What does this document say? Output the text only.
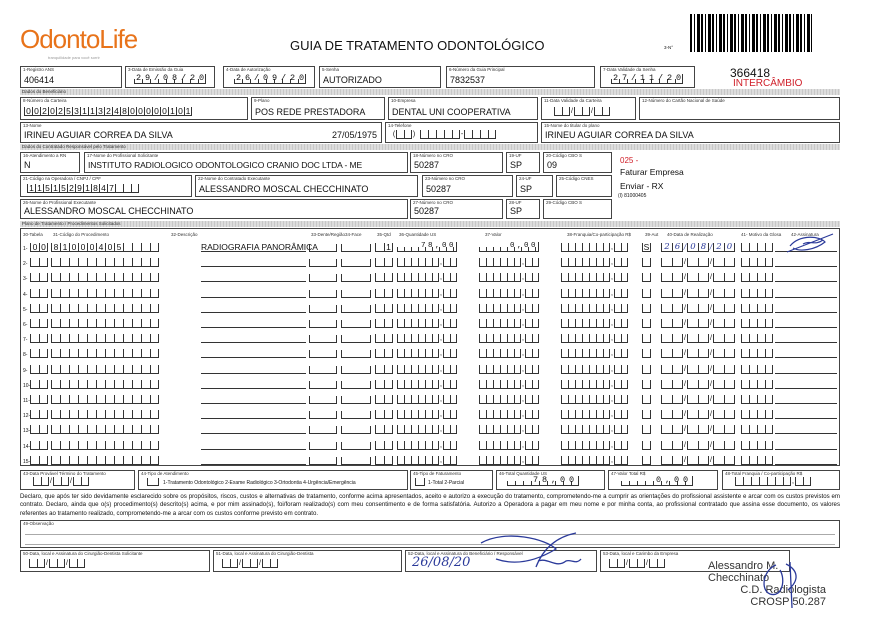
OdontoLife
tranquilidade para você sorrir
GUIA DE TRATAMENTO ODONTOLÓGICO	3-N°
366418
INTERCÂMBIO
1-Registro ANS
406414
3-Data de Emissão da Guia
29/08/20
4-Data de Autorização
26/09/20
5-Senha
AUTORIZADO
6-Número da Guia Principal
7832537
7-Data Validade da Senha
27/11/20
Dados do Beneficiário
8-Número da Carteira
0 0 2 0 2 5 3 1 1 3 2 4 8 0 0 0 0 0 1 0 1
9-Plano
POS REDE PRESTADORA
10-Empresa
DENTAL UNI COOPERATIVA
11-Data Validade da Carteira
/	/
12-Número do Cartão Nacional de Saúde
13-Nome
IRINEU AGUIAR CORREA DA SILVA	27/05/1975
14-Telefone
(	)	-
15-Nome do titular do plano
IRINEU AGUIAR CORREA DA SILVA
Dados do Contratado Responsável pelo Tratamento
16-Atendimento a RN
N
17-Nome do Profissional Solicitante
INSTITUTO RADIOLOGICO ODONTOLOGICO CRANIO DOC LTDA - ME
18-Número no CRO
50287
19-UF
SP
20-Código CBO S
09	025 -
Faturar Empresa
Enviar - RX
(I) 81000405
21-Código na Operadora / CNPJ / CPF
1 1 5 1 5 2 9 1 8 4 7
22-Nome do Contratado Executante
ALESSANDRO MOSCAL CHECCHINATO
23-Número no CRO
50287
24-UF
SP
25-Código CNES
26-Nome do Profissional Executante
ALESSANDRO MOSCAL CHECCHINATO
27-Número no CRO
50287
28-UF
SP
29-Código CBO S
Plano de Tratamento / Procedimentos Solicitados
30-Tabela 31-Código do Procedimento	32-Descrição	33-Dente/Região 34-Face	35-Qtd 36-Quantidade US	37-Valor	38-Franquia/Co-participação R$	39-Aut 40-Data de Realização	41- Motivo da Glosa 42-Assinatura
1- 0 0 8 1 0 0 0 4 0 5	RADIOGRAFIA PANORÂMICA	1	78,00	0,00	,	S	2 6 / 0 8 / 2 0
2-	,	,	,	/	/
3-	,	,	,	/	/
4-	,	,	,	/	/
5-	,	,	,	/	/
6-	,	,	,	/	/
7-	,	,	,	/	/
8-	,	,	,	/	/
9-	,	,	,	/	/
10-	,	,	,	/	/
11-	,	,	,	/	/
12-	,	,	,	/	/
13-	,	,	,	/	/
14-	,	,	,	/	/
15-	,	,	,	/	/
43-Data Provável Término do Tratamento
/	/
44-Tipo de Atendimento
1-Tratamento Odontológico 2-Exame Radiológico 3-Ortodontia 4-Urgência/Emergência
45-Tipo de Faturamento
1-Total 2-Parcial
46-Total Quantidade US
78,00
47-Valor Total R$
0,00
48-Total Franquia / Co-participação R$
,
Declaro, que após ter sido devidamente esclarecido sobre os propósitos, riscos, custos e alternativas de tratamento, conforme acima apresentados, aceito e autorizo a execução do tratamento, comprometendo-me a cumprir as orientações do profissional assistente e arcar com os custos previstos em contrato. Declaro, ainda que o(s) procedimento(s) descrito(s) acima, e por mim assinado(s), foi/foram realizado(s) com meu consentimento e de forma satisfatória. Autorizo a Operadora a pagar em meu nome e por minha conta, ao profissional contratado que assina esse documento, os valores referentes ao tratamento realizado, comprometendo-me a arcar com os custos conforme previsto em contrato.
49-Observação
50-Data, local e Assinatura do Cirurgião-Dentista Solicitante
/	/
51-Data, local e Assinatura do Cirurgião-Dentista
/	/
52-Data, local e Assinatura do Beneficiário / Responsável
26/08/20
53-Data, local e Carimbo da Empresa
/	/	Alessandro M. Checchinato
C.D. Radiologista
CROSP 50.287
